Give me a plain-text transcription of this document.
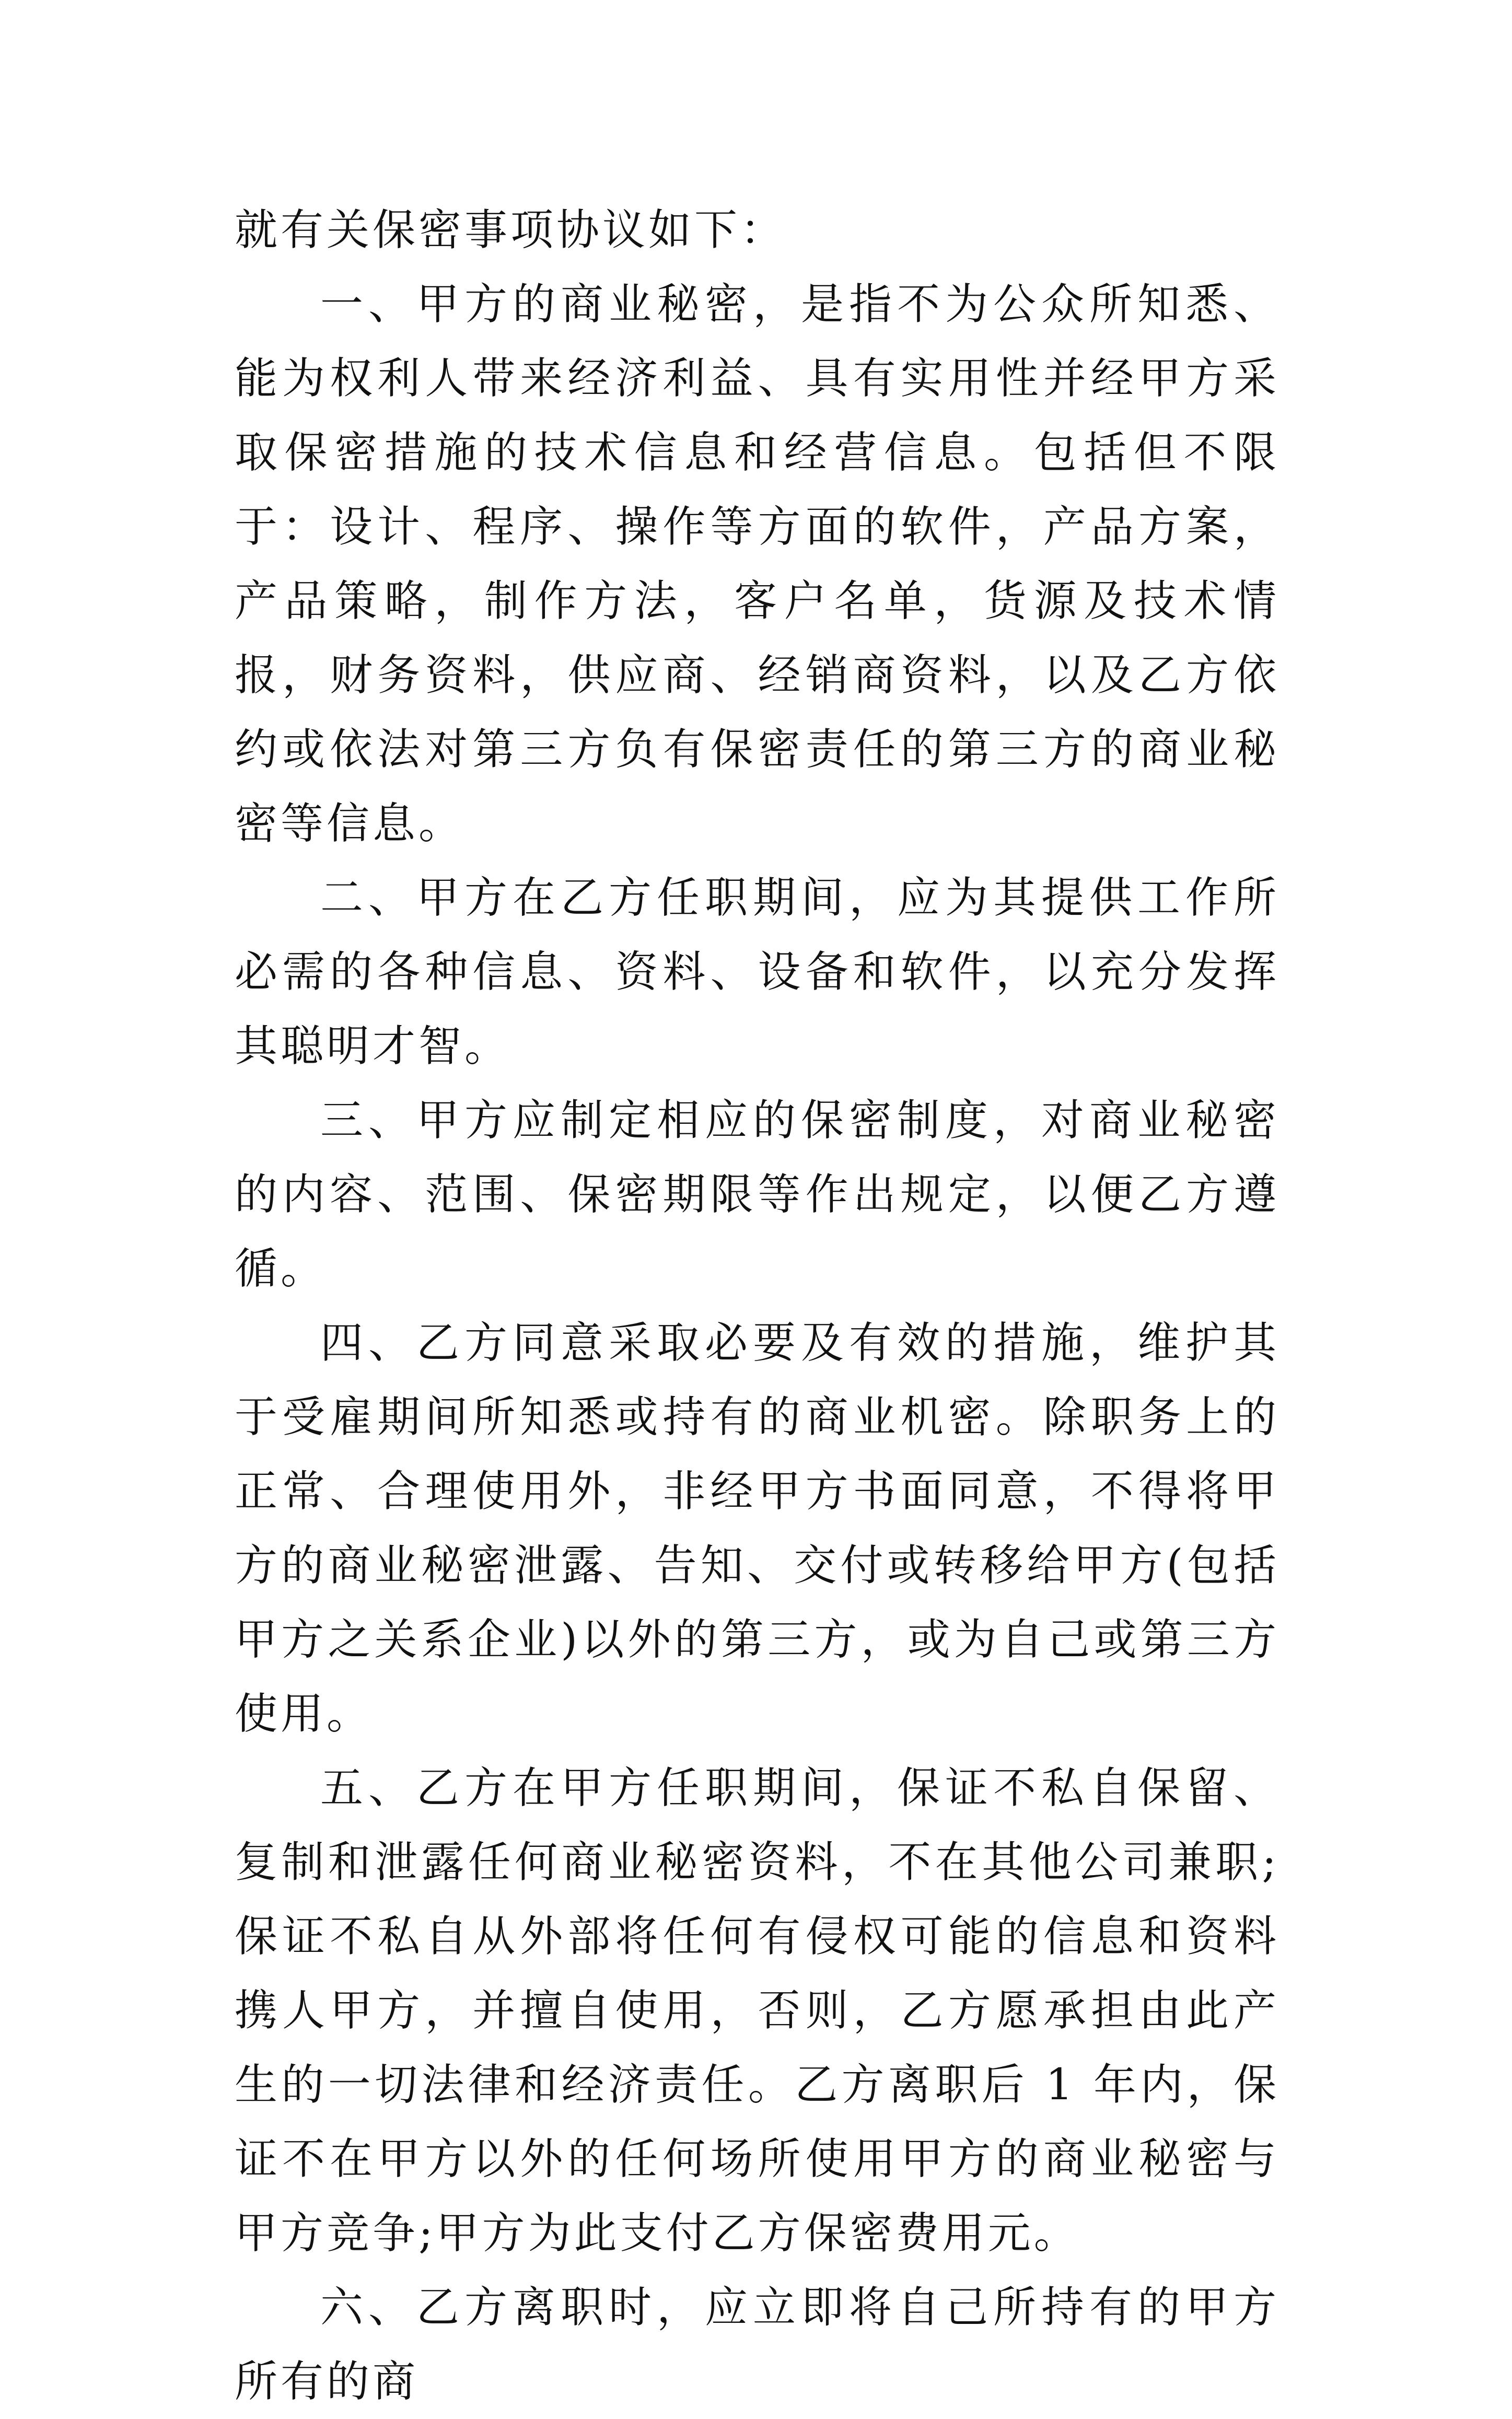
就有关保密事项协议如下：

一、甲方的商业秘密，是指不为公众所知悉、能为权利人带来经济利益、具有实用性并经甲方采取保密措施的技术信息和经营信息。包括但不限于：设计、程序、操作等方面的软件，产品方案，产品策略，制作方法，客户名单，货源及技术情报，财务资料，供应商、经销商资料，以及乙方依约或依法对第三方负有保密责任的第三方的商业秘密等信息。

二、甲方在乙方任职期间，应为其提供工作所必需的各种信息、资料、设备和软件，以充分发挥其聪明才智。

三、甲方应制定相应的保密制度，对商业秘密的内容、范围、保密期限等作出规定，以便乙方遵循。

四、乙方同意采取必要及有效的措施，维护其于受雇期间所知悉或持有的商业机密。除职务上的正常、合理使用外，非经甲方书面同意，不得将甲方的商业秘密泄露、告知、交付或转移给甲方(包括甲方之关系企业)以外的第三方，或为自己或第三方使用。

五、乙方在甲方任职期间，保证不私自保留、复制和泄露任何商业秘密资料，不在其他公司兼职;保证不私自从外部将任何有侵权可能的信息和资料携人甲方，并擅自使用，否则，乙方愿承担由此产生的一切法律和经济责任。乙方离职后 1 年内，保证不在甲方以外的任何场所使用甲方的商业秘密与甲方竞争;甲方为此支付乙方保密费用元。

六、乙方离职时，应立即将自己所持有的甲方所有的商
